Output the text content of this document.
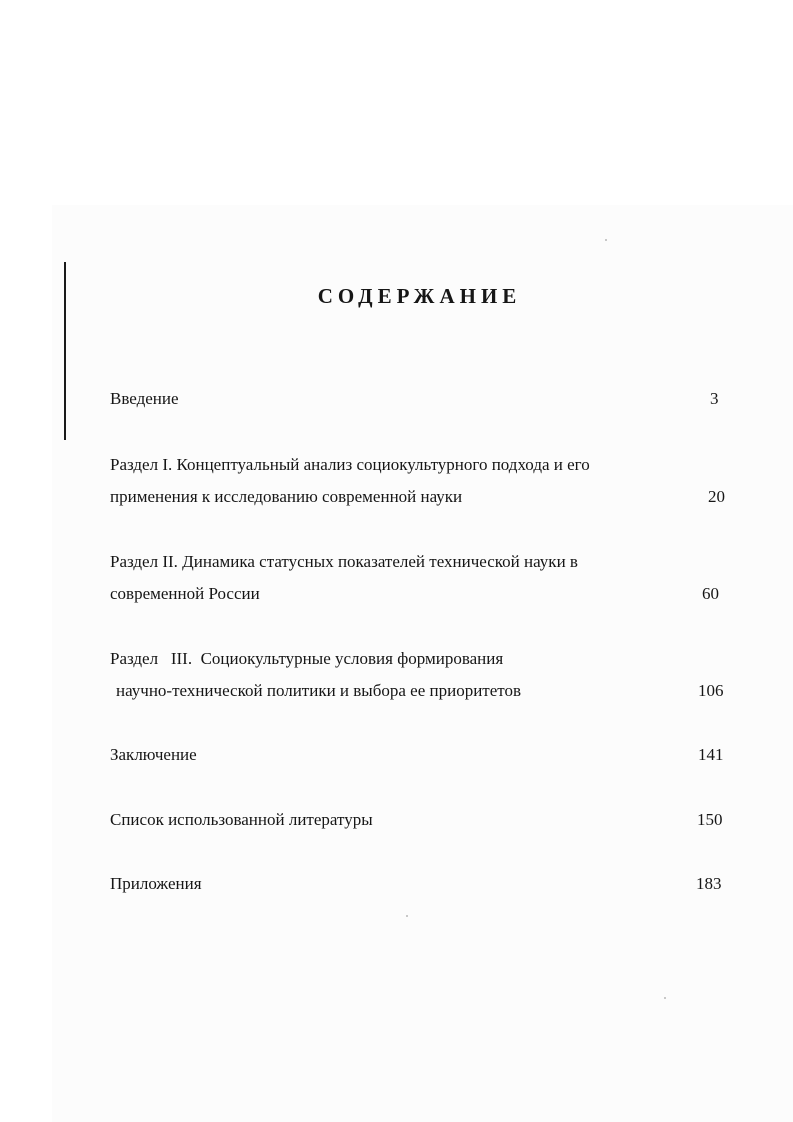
СОДЕРЖАНИЕ
Введение	3
Раздел I. Концептуальный анализ социокультурного подхода и его
применения к исследованию современной науки	20
Раздел II. Динамика статусных показателей технической науки в
современной России	60
Раздел   III.  Социокультурные условия формирования
научно-технической политики и выбора ее приоритетов	106
Заключение	141
Список использованной литературы	150
Приложения	183
